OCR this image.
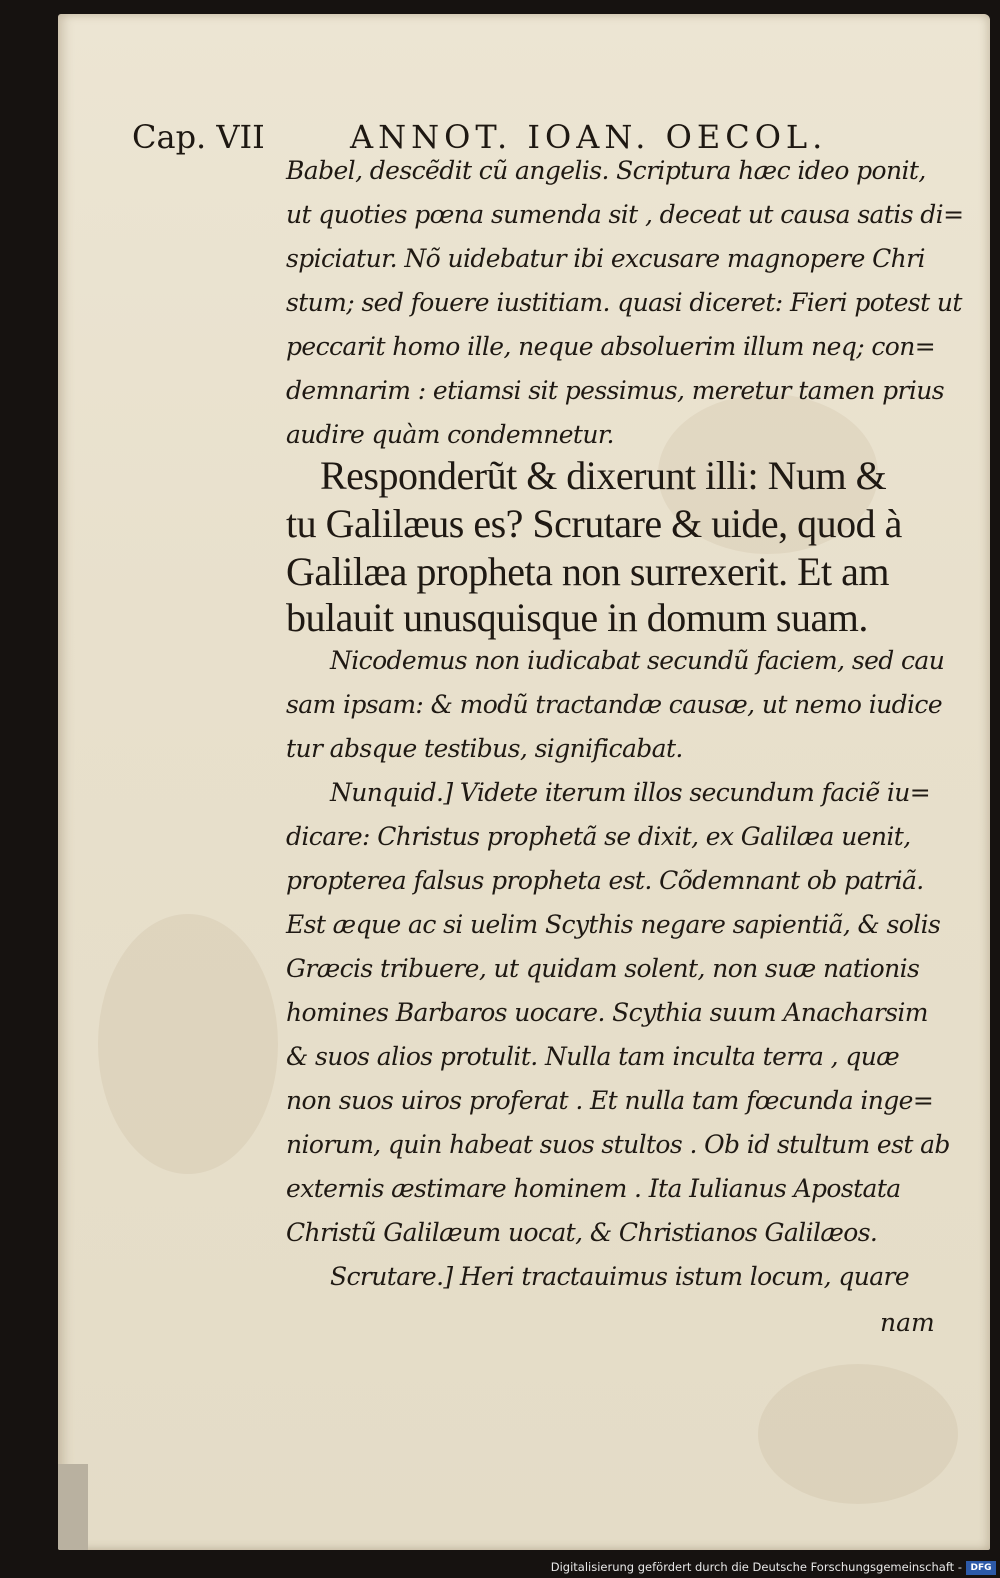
Cap. VII	ANNOT. IOAN. OECOL.
Babel, descẽdit cũ angelis. Scriptura hæc ideo ponit,
ut quoties pœna sumenda sit , deceat ut causa satis di=
spiciatur. Nõ uidebatur ibi excusare magnopere Chri
stum; sed fouere iustitiam. quasi diceret: Fieri potest ut
peccarit homo ille, neque absoluerim illum neq; con=
demnarim : etiamsi sit pessimus, meretur tamen prius
audire quàm condemnetur.
Responderũt & dixerunt illi: Num &
tu Galilæus es? Scrutare & uide, quod à
Galilæa propheta non surrexerit. Et am
bulauit unusquisque in domum suam.
Nicodemus non iudicabat secundũ faciem, sed cau
sam ipsam: & modũ tractandæ causæ, ut nemo iudice
tur absque testibus, significabat.
Nunquid.] Videte iterum illos secundum faciẽ iu=
dicare: Christus prophetã se dixit, ex Galilæa uenit,
propterea falsus propheta est. Cõdemnant ob patriã.
Est æque ac si uelim Scythis negare sapientiã, & solis
Græcis tribuere, ut quidam solent, non suæ nationis
homines Barbaros uocare. Scythia suum Anacharsim
& suos alios protulit. Nulla tam inculta terra , quæ
non suos uiros proferat . Et nulla tam fœcunda inge=
niorum, quin habeat suos stultos . Ob id stultum est ab
externis æstimare hominem . Ita Iulianus Apostata
Christũ Galilæum uocat, & Christianos Galilæos.
Scrutare.] Heri tractauimus istum locum, quare
nam
Digitalisierung gefördert durch die Deutsche Forschungsgemeinschaft - DFG
